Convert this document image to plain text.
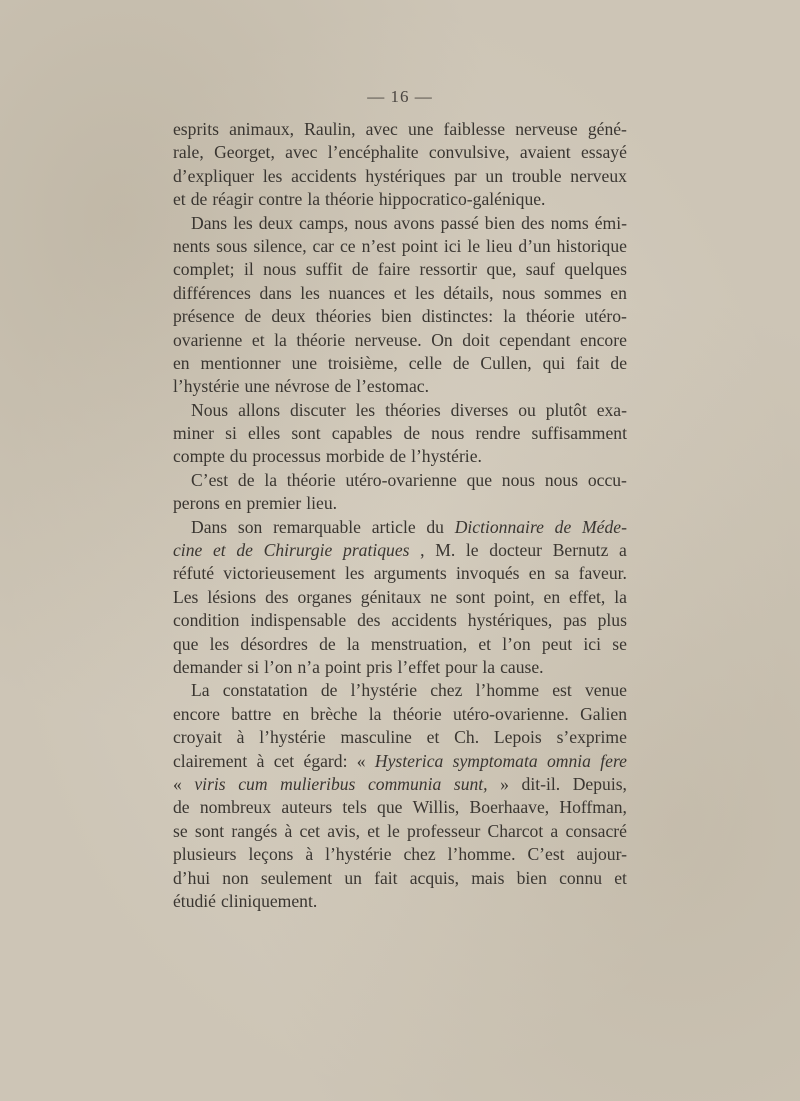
— 16 —
esprits animaux, Raulin, avec une faiblesse nerveuse géné-
rale, Georget, avec l’encéphalite convulsive, avaient essayé
d’expliquer les accidents hystériques par un trouble nerveux
et de réagir contre la théorie hippocratico-galénique.
Dans les deux camps, nous avons passé bien des noms émi-
nents sous silence, car ce n’est point ici le lieu d’un historique
complet; il nous suffit de faire ressortir que, sauf quelques
différences dans les nuances et les détails, nous sommes en
présence de deux théories bien distinctes: la théorie utéro-
ovarienne et la théorie nerveuse. On doit cependant encore
en mentionner une troisième, celle de Cullen, qui fait de
l’hystérie une névrose de l’estomac.
Nous allons discuter les théories diverses ou plutôt exa-
miner si elles sont capables de nous rendre suffisamment
compte du processus morbide de l’hystérie.
C’est de la théorie utéro-ovarienne que nous nous occu-
perons en premier lieu.
Dans son remarquable article du Dictionnaire de Méde-
cine et de Chirurgie pratiques , M. le docteur Bernutz a
réfuté victorieusement les arguments invoqués en sa faveur.
Les lésions des organes génitaux ne sont point, en effet, la
condition indispensable des accidents hystériques, pas plus
que les désordres de la menstruation, et l’on peut ici se
demander si l’on n’a point pris l’effet pour la cause.
La constatation de l’hystérie chez l’homme est venue
encore battre en brèche la théorie utéro-ovarienne. Galien
croyait à l’hystérie masculine et Ch. Lepois s’exprime
clairement à cet égard: « Hysterica symptomata omnia fere
« viris cum mulieribus communia sunt, » dit-il. Depuis,
de nombreux auteurs tels que Willis, Boerhaave, Hoffman,
se sont rangés à cet avis, et le professeur Charcot a consacré
plusieurs leçons à l’hystérie chez l’homme. C’est aujour-
d’hui non seulement un fait acquis, mais bien connu et
étudié cliniquement.
